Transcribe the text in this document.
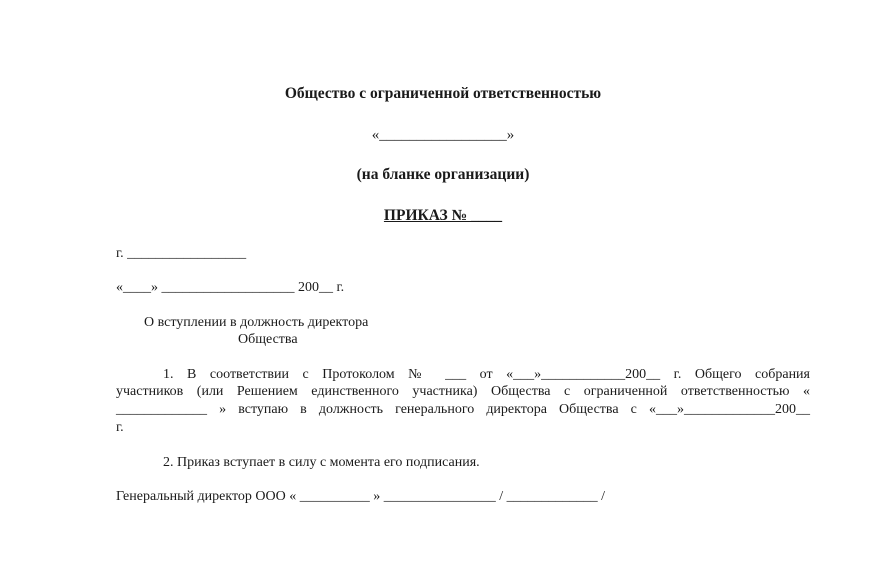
Общество с ограниченной ответственностью
«_________________»
(на бланке организации)
ПРИКАЗ № ____
г. _________________
«____» ___________________ 200__ г.
О вступлении в должность директора
Общества
1. В соответствии с Протоколом № ___ от «___»____________200__ г. Общего собрания
участников (или Решением единственного участника) Общества с ограниченной ответственностью «
_____________ » вступаю в должность генерального директора Общества с «___»_____________200__
г.
2. Приказ вступает в силу с момента его подписания.
Генеральный директор ООО « __________ » ________________ / _____________ /
